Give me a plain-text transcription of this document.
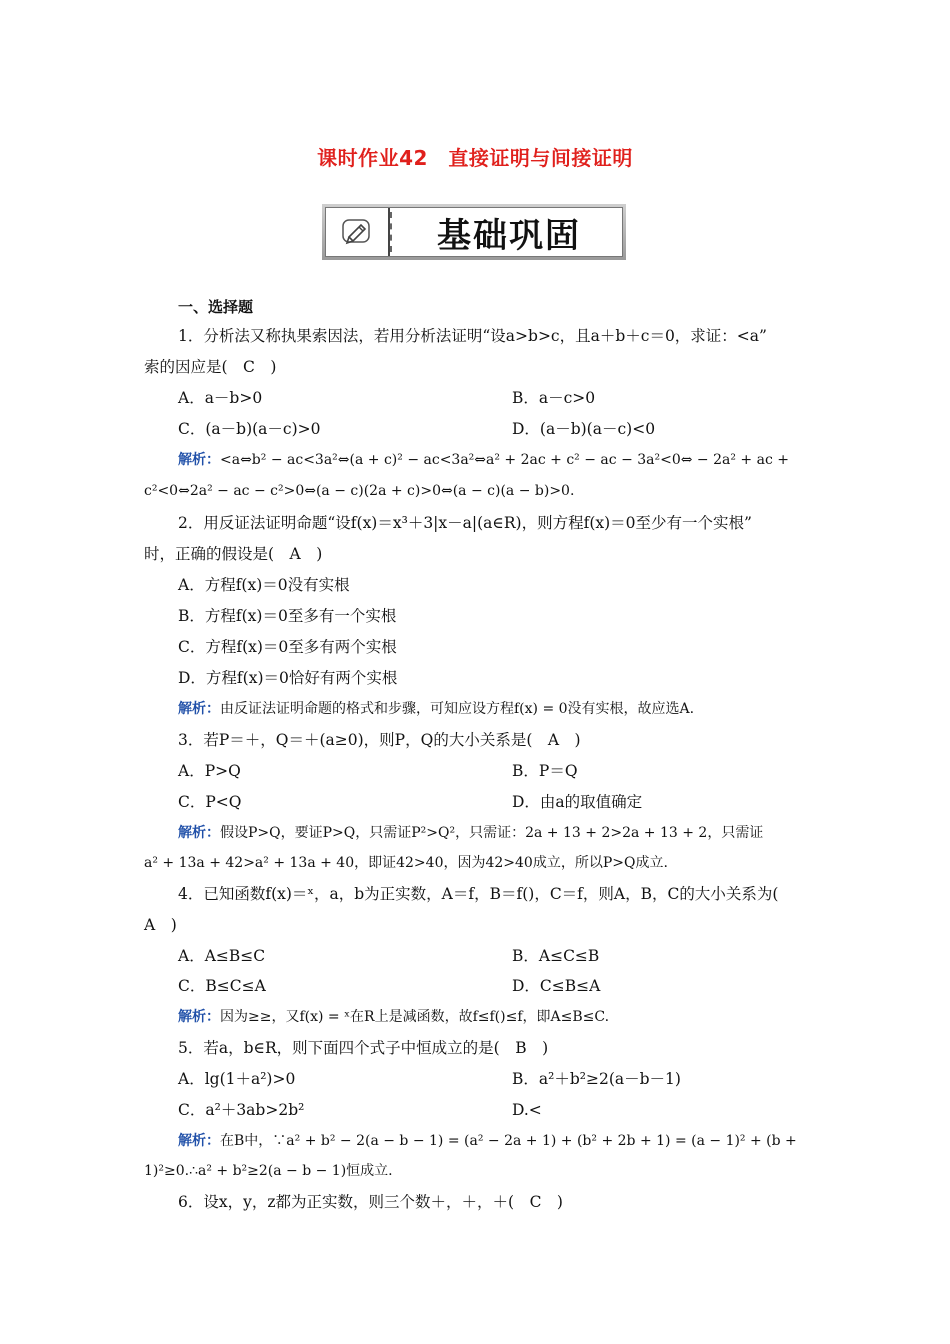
课时作业42　直接证明与间接证明
基础巩固
一、选择题
1．分析法又称执果索因法，若用分析法证明“设a>b>c，且a＋b＋c＝0，求证：<a”
索的因应是(　C　)
A．a－b>0	B．a－c>0
C．(a－b)(a－c)>0	D．(a－b)(a－c)<0
解析：<a⇔b² − ac<3a²⇔(a + c)² − ac<3a²⇔a² + 2ac + c² − ac − 3a²<0⇔ − 2a² + ac +
c²<0⇔2a² − ac − c²>0⇔(a − c)(2a + c)>0⇔(a − c)(a − b)>0.
2．用反证法证明命题“设f(x)＝x³＋3|x－a|(a∈R)，则方程f(x)＝0至少有一个实根”
时，正确的假设是(　A　)
A．方程f(x)＝0没有实根
B．方程f(x)＝0至多有一个实根
C．方程f(x)＝0至多有两个实根
D．方程f(x)＝0恰好有两个实根
解析：由反证法证明命题的格式和步骤，可知应设方程f(x) = 0没有实根，故应选A.
3．若P＝＋，Q＝＋(a≥0)，则P，Q的大小关系是(　A　)
A．P>Q	B．P＝Q
C．P<Q	D．由a的取值确定
解析：假设P>Q，要证P>Q，只需证P²>Q²，只需证：2a + 13 + 2>2a + 13 + 2，只需证
a² + 13a + 42>a² + 13a + 40，即证42>40，因为42>40成立，所以P>Q成立.
4．已知函数f(x)＝ˣ，a，b为正实数，A＝f，B＝f()，C＝f，则A，B，C的大小关系为(
A　)
A．A≤B≤C	B．A≤C≤B
C．B≤C≤A	D．C≤B≤A
解析：因为≥≥，又f(x) = ˣ在R上是减函数，故f≤f()≤f，即A≤B≤C.
5．若a，b∈R，则下面四个式子中恒成立的是(　B　)
A．lg(1＋a²)>0	B．a²＋b²≥2(a－b－1)
C．a²＋3ab>2b²	D.<
解析：在B中，∵a² + b² − 2(a − b − 1) = (a² − 2a + 1) + (b² + 2b + 1) = (a − 1)² + (b +
1)²≥0.∴a² + b²≥2(a − b − 1)恒成立.
6．设x，y，z都为正实数，则三个数＋，＋，＋(　C　)
